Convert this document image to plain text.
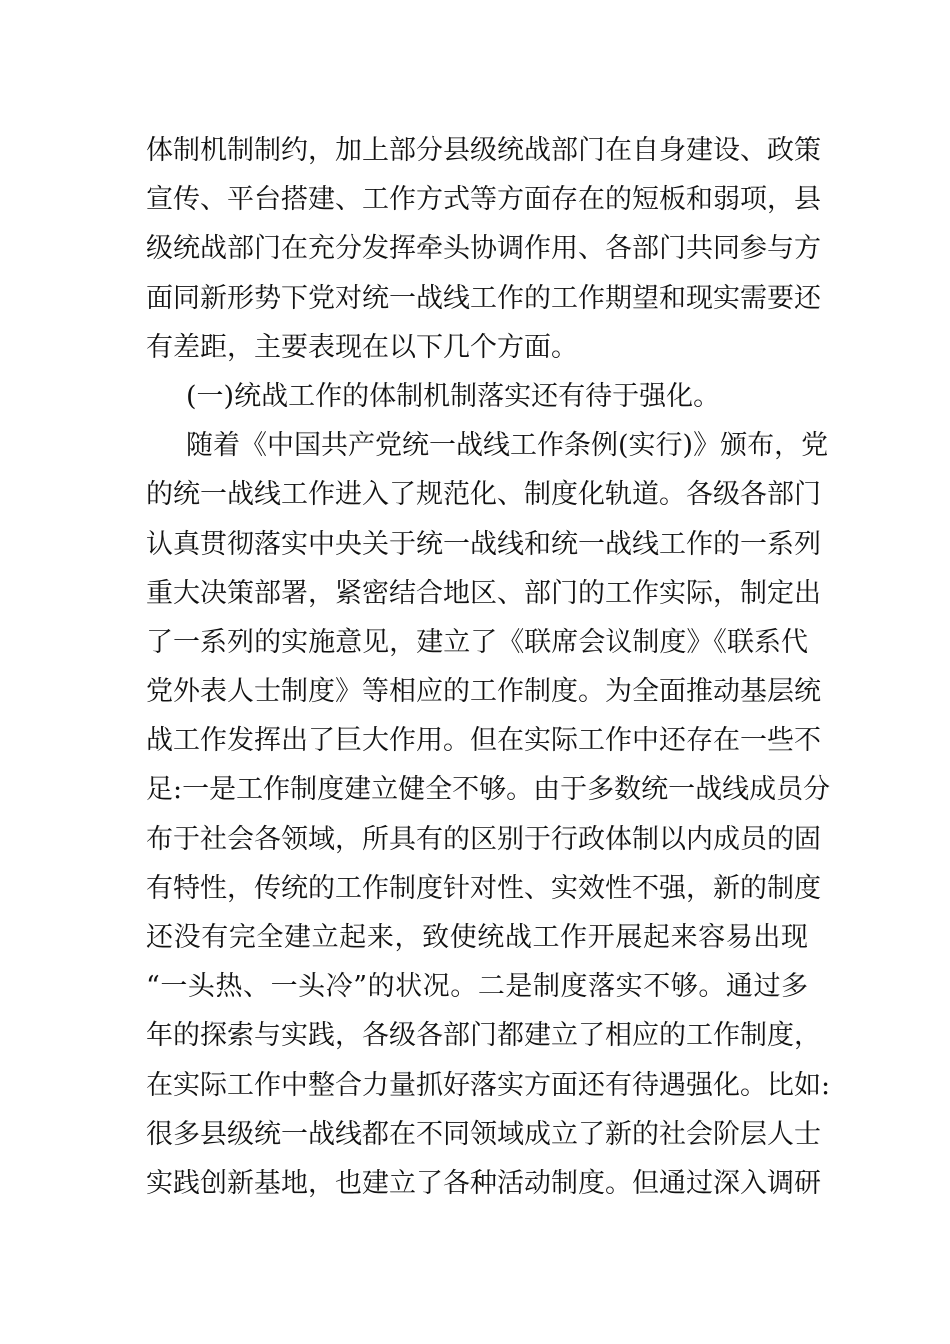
体制机制制约，加上部分县级统战部门在自身建设、政策
宣传、平台搭建、工作方式等方面存在的短板和弱项，县
级统战部门在充分发挥牵头协调作用、各部门共同参与方
面同新形势下党对统一战线工作的工作期望和现实需要还
有差距，主要表现在以下几个方面。
(一)统战工作的体制机制落实还有待于强化。
随着《中国共产党统一战线工作条例(实行)》颁布，党
的统一战线工作进入了规范化、制度化轨道。各级各部门
认真贯彻落实中央关于统一战线和统一战线工作的一系列
重大决策部署，紧密结合地区、部门的工作实际，制定出
了一系列的实施意见，建立了《联席会议制度》《联系代
党外表人士制度》等相应的工作制度。为全面推动基层统
战工作发挥出了巨大作用。但在实际工作中还存在一些不
足:一是工作制度建立健全不够。由于多数统一战线成员分
布于社会各领域，所具有的区别于行政体制以内成员的固
有特性，传统的工作制度针对性、实效性不强，新的制度
还没有完全建立起来，致使统战工作开展起来容易出现
“一头热、一头冷”的状况。二是制度落实不够。通过多
年的探索与实践，各级各部门都建立了相应的工作制度，
在实际工作中整合力量抓好落实方面还有待遇强化。比如:
很多县级统一战线都在不同领域成立了新的社会阶层人士
实践创新基地，也建立了各种活动制度。但通过深入调研
